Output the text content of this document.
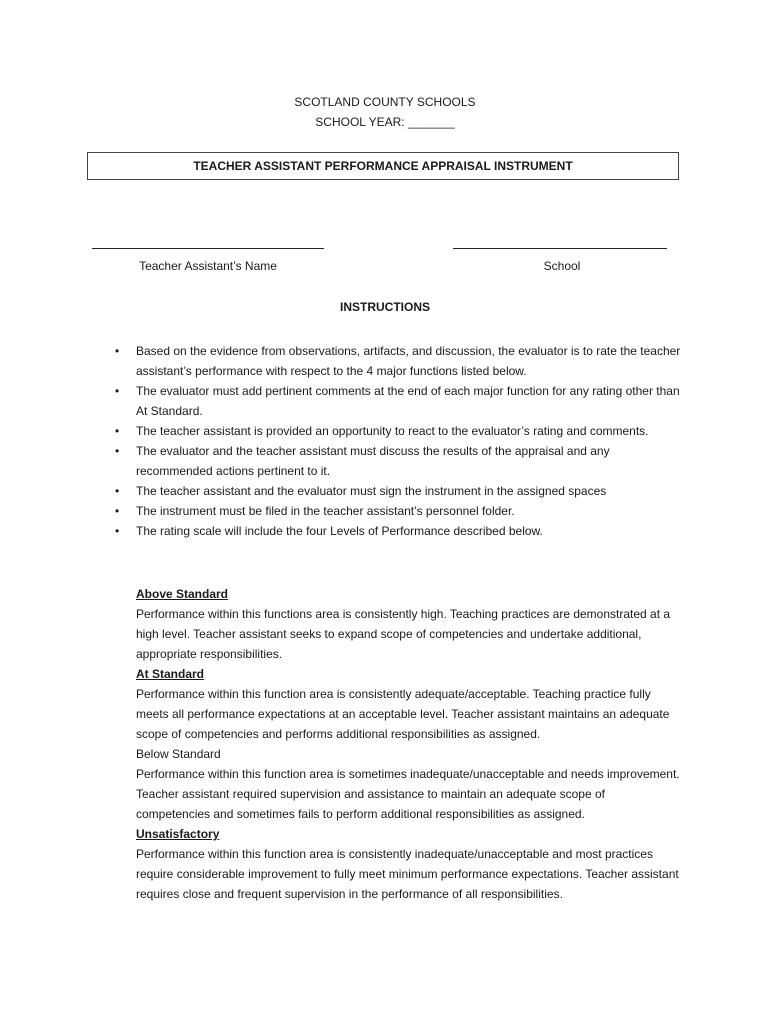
SCOTLAND COUNTY SCHOOLS
SCHOOL YEAR: _______
TEACHER ASSISTANT PERFORMANCE APPRAISAL INSTRUMENT
Teacher Assistant’s Name	School
INSTRUCTIONS
• Based on the evidence from observations, artifacts, and discussion, the evaluator is to rate the teacher assistant’s performance with respect to the 4 major functions listed below.
• The evaluator must add pertinent comments at the end of each major function for any rating other than At Standard.
• The teacher assistant is provided an opportunity to react to the evaluator’s rating and comments.
• The evaluator and the teacher assistant must discuss the results of the appraisal and any recommended actions pertinent to it.
• The teacher assistant and the evaluator must sign the instrument in the assigned spaces
• The instrument must be filed in the teacher assistant’s personnel folder.
• The rating scale will include the four Levels of Performance described below.
Above Standard
Performance within this functions area is consistently high. Teaching practices are demonstrated at a high level. Teacher assistant seeks to expand scope of competencies and undertake additional, appropriate responsibilities.
At Standard
Performance within this function area is consistently adequate/acceptable. Teaching practice fully meets all performance expectations at an acceptable level. Teacher assistant maintains an adequate scope of competencies and performs additional responsibilities as assigned.
Below Standard
Performance within this function area is sometimes inadequate/unacceptable and needs improvement. Teacher assistant required supervision and assistance to maintain an adequate scope of competencies and sometimes fails to perform additional responsibilities as assigned.
Unsatisfactory
Performance within this function area is consistently inadequate/unacceptable and most practices require considerable improvement to fully meet minimum performance expectations. Teacher assistant requires close and frequent supervision in the performance of all responsibilities.
